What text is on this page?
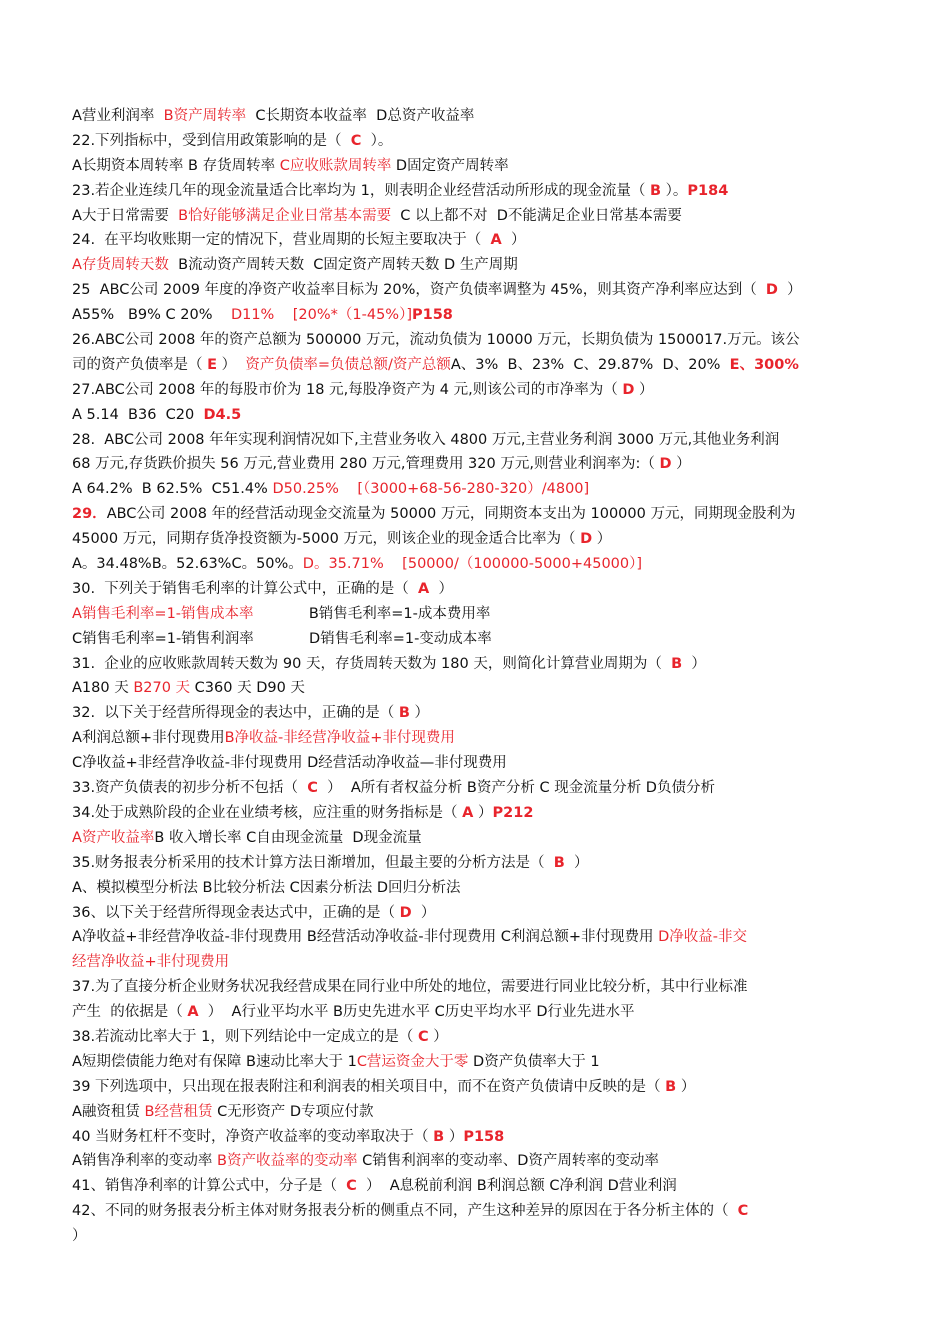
A营业利润率  B资产周转率  C长期资本收益率  D总资产收益率
22.下列指标中，受到信用政策影响的是（  C  ）。
A长期资本周转率 B 存货周转率 C应收账款周转率 D固定资产周转率
23.若企业连续几年的现金流量适合比率均为 1，则表明企业经营活动所形成的现金流量（ B ）。P184
A大于日常需要  B恰好能够满足企业日常基本需要  C 以上都不对  D不能满足企业日常基本需要
24.  在平均收账期一定的情况下，营业周期的长短主要取决于（  A  ）
A存货周转天数  B流动资产周转天数  C固定资产周转天数 D 生产周期
25  ABC公司 2009 年度的净资产收益率目标为 20%，资产负债率调整为 45%，则其资产净利率应达到（  D  ）
A55%   B9% C 20%    D11%    [20%*（1-45%）]P158
26.ABC公司 2008 年的资产总额为 500000 万元，流动负债为 10000 万元，长期负债为 1500017.万元。该公
司的资产负债率是（ E ）  资产负债率=负债总额/资产总额A、3%  B、23%  C、29.87%  D、20%  E、300%
27.ABC公司 2008 年的每股市价为 18 元,每股净资产为 4 元,则该公司的市净率为（ D ）
A 5.14  B36  C20  D4.5
28.  ABC公司 2008 年年实现利润情况如下,主营业务收入 4800 万元,主营业务利润 3000 万元,其他业务利润
68 万元,存货跌价损失 56 万元,营业费用 280 万元,管理费用 320 万元,则营业利润率为:（ D ）
A 64.2%  B 62.5%  C51.4% D50.25%    [（3000+68-56-280-320）/4800]
29．ABC公司 2008 年的经营活动现金交流量为 50000 万元，同期资本支出为 100000 万元，同期现金股利为
45000 万元，同期存货净投资额为-5000 万元，则该企业的现金适合比率为（ D ）
A。34.48%B。52.63%C。50%。D。35.71%    [50000/（100000-5000+45000）]
30.  下列关于销售毛利率的计算公式中，正确的是（  A  ）
A销售毛利率=1-销售成本率            B销售毛利率=1-成本费用率
C销售毛利率=1-销售利润率            D销售毛利率=1-变动成本率
31.  企业的应收账款周转天数为 90 天，存货周转天数为 180 天，则简化计算营业周期为（  B  ）
A180 天 B270 天 C360 天 D90 天
32.  以下关于经营所得现金的表达中，正确的是（ B ）
A利润总额+非付现费用B净收益-非经营净收益+非付现费用
C净收益+非经营净收益-非付现费用 D经营活动净收益—非付现费用
33.资产负债表的初步分析不包括（  C  ）  A所有者权益分析 B资产分析 C 现金流量分析 D负债分析
34.处于成熟阶段的企业在业绩考核，应注重的财务指标是（ A ）P212
A资产收益率B 收入增长率 C自由现金流量  D现金流量
35.财务报表分析采用的技术计算方法日渐增加，但最主要的分析方法是（  B  ）
A、模拟模型分析法 B比较分析法 C因素分析法 D回归分析法
36、以下关于经营所得现金表达式中，正确的是（ D  ）
A净收益+非经营净收益-非付现费用 B经营活动净收益-非付现费用 C利润总额+非付现费用 D净收益-非交
经营净收益+非付现费用
37.为了直接分析企业财务状况我经营成果在同行业中所处的地位，需要进行同业比较分析，其中行业标准
产生  的依据是（ A  ）  A行业平均水平 B历史先进水平 C历史平均水平 D行业先进水平
38.若流动比率大于 1，则下列结论中一定成立的是（ C ）
A短期偿债能力绝对有保障 B速动比率大于 1C营运资金大于零 D资产负债率大于 1
39 下列选项中，只出现在报表附注和利润表的相关项目中，而不在资产负债请中反映的是（ B ）
A融资租赁 B经营租赁 C无形资产 D专项应付款
40 当财务杠杆不变时，净资产收益率的变动率取决于（ B ）P158
A销售净利率的变动率 B资产收益率的变动率 C销售利润率的变动率、D资产周转率的变动率
41、销售净利率的计算公式中，分子是（  C  ）  A息税前利润 B利润总额 C净利润 D营业利润
42、不同的财务报表分析主体对财务报表分析的侧重点不同，产生这种差异的原因在于各分析主体的（  C
）
